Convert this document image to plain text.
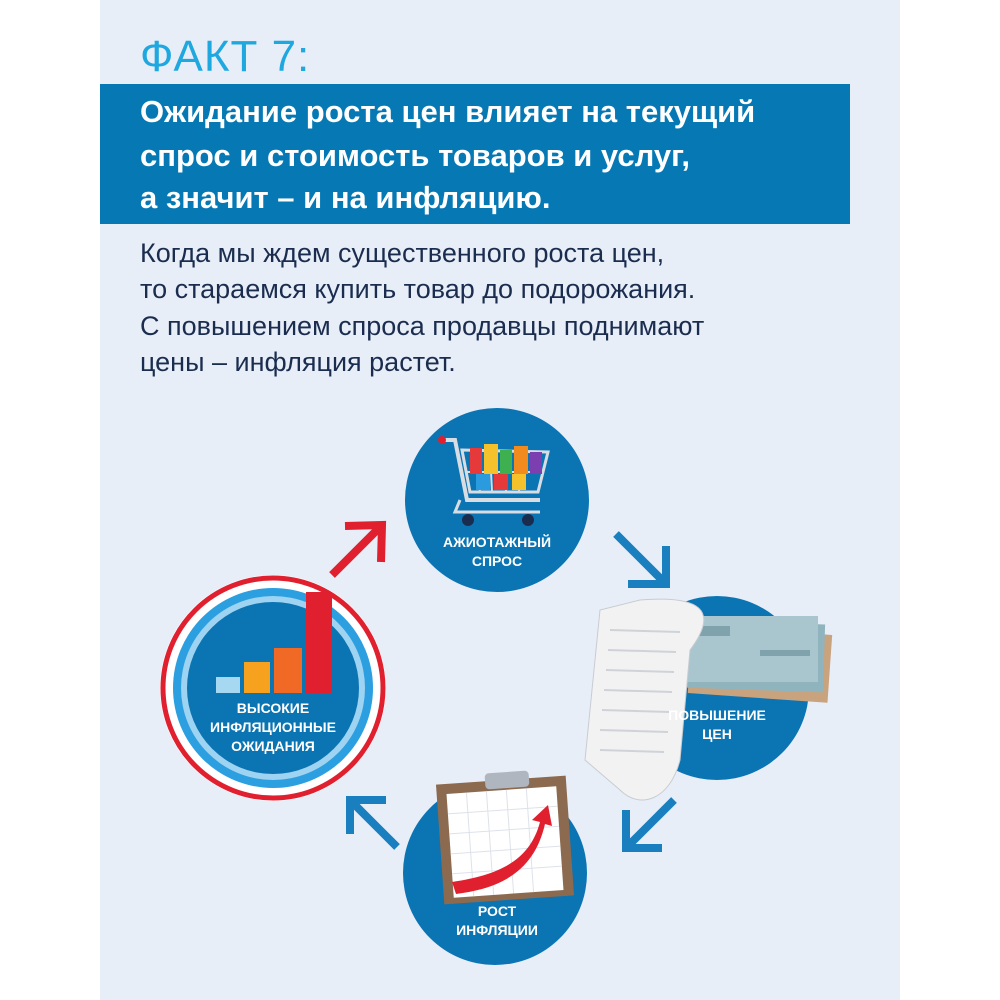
ФАКТ 7:
Ожидание роста цен влияет на текущий
спрос и стоимость товаров и услуг,
а значит – и на инфляцию.
Когда мы ждем существенного роста цен,
то стараемся купить товар до подорожания.
С повышением спроса продавцы поднимают
цены – инфляция растет.
АЖИОТАЖНЫЙ
СПРОС
ПОВЫШЕНИЕ
ЦЕН
РОСТ
ИНФЛЯЦИИ
ВЫСОКИЕ
ИНФЛЯЦИОННЫЕ
ОЖИДАНИЯ
